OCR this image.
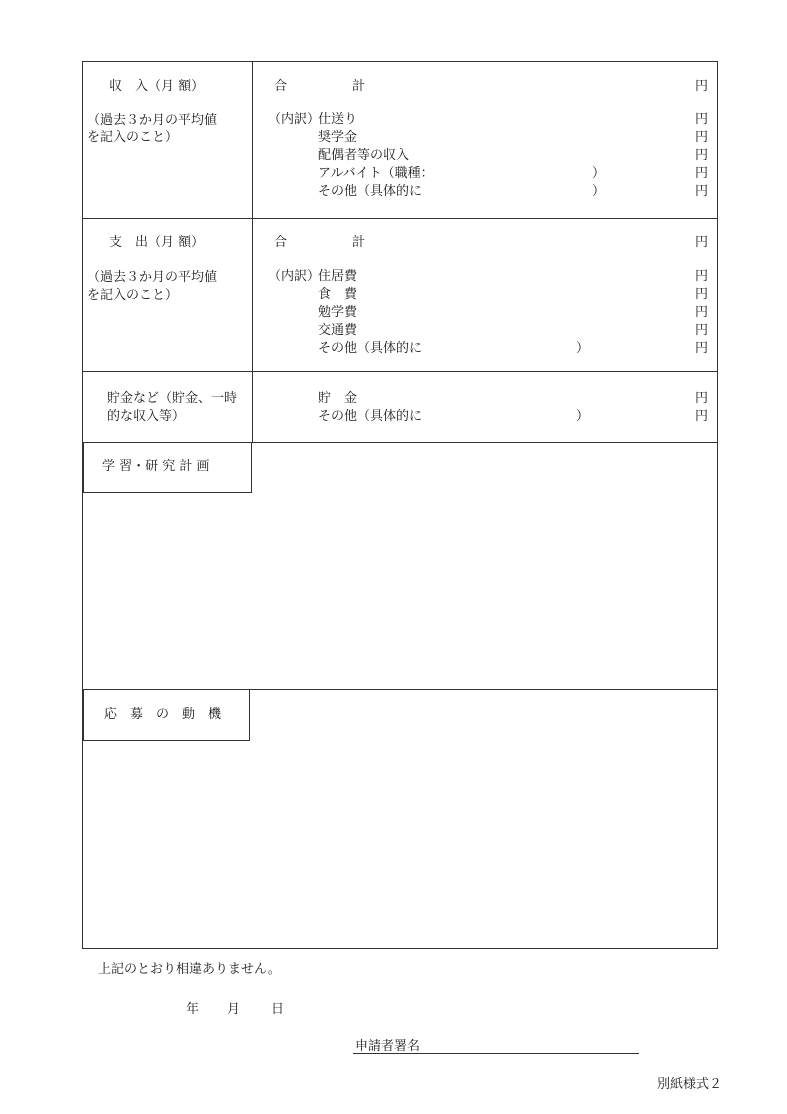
収　入（月 額）
（過去３か月の平均値
を記入のこと）
合　　　　　計	円
（内訳）
仕送り	円
奨学金	円
配偶者等の収入	円
アルバイト（職種：	）	円
その他（具体的に	）	円
支　出（月 額）
（過去３か月の平均値
を記入のこと）
合　　　　　計	円
（内訳）
住居費	円
食　費	円
勉学費	円
交通費	円
その他（具体的に	）	円
貯金など（貯金、一時
的な収入等）
貯　金	円
その他（具体的に	）	円
学 習・研 究 計 画
応　募　の　動　機
上記のとおり相違ありません。
年 月 日
申請者署名
別紙様式２
